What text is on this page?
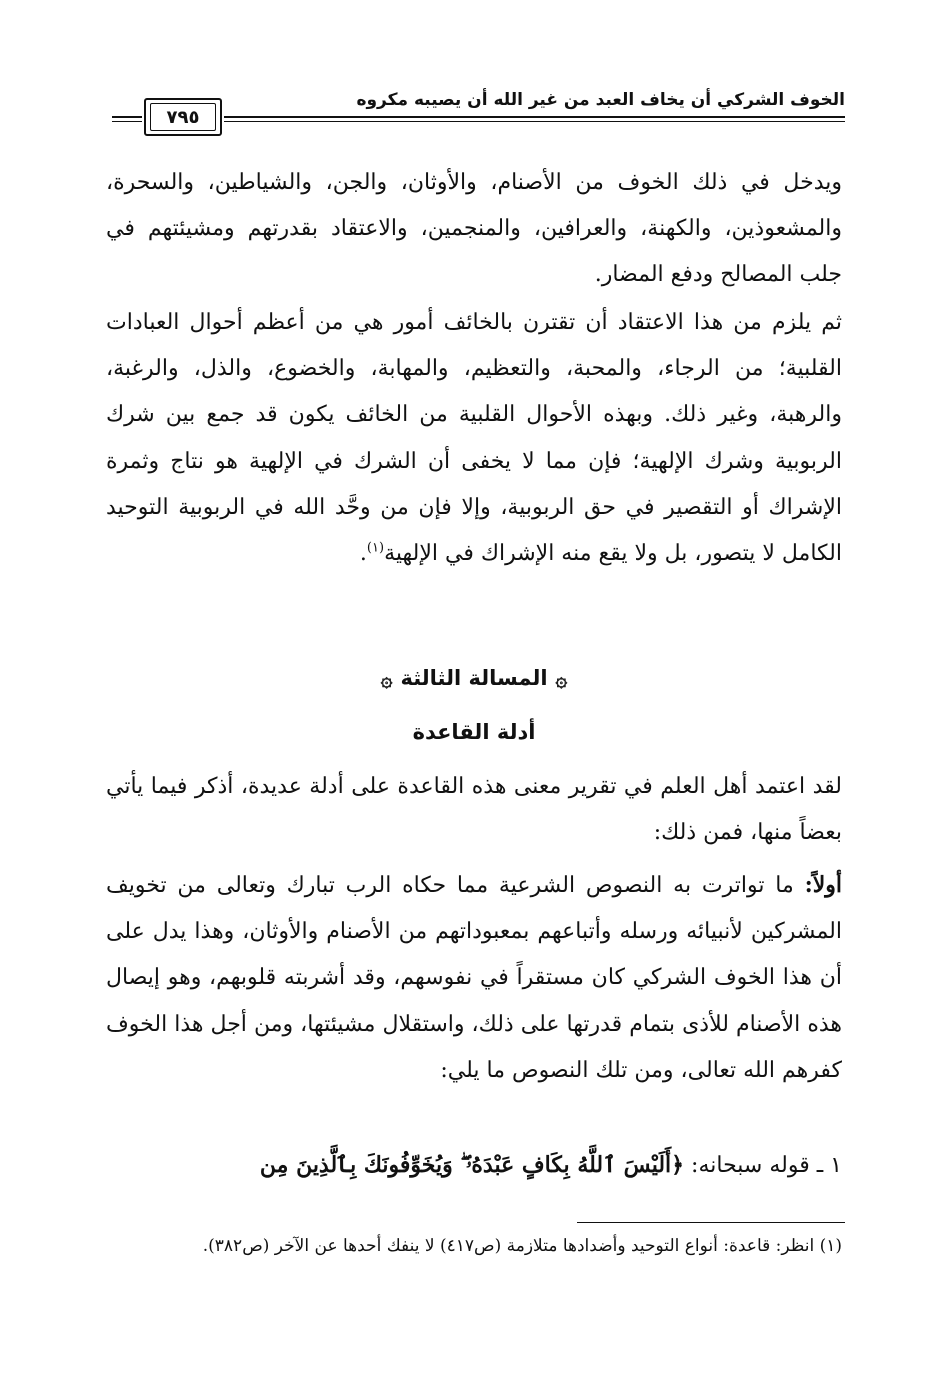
الخوف الشركي أن يخاف العبد من غير الله أن يصيبه مكروه
٧٩٥
ويدخل في ذلك الخوف من الأصنام، والأوثان، والجن، والشياطين، والسحرة، والمشعوذين، والكهنة، والعرافين، والمنجمين، والاعتقاد بقدرتهم ومشيئتهم في جلب المصالح ودفع المضار.
ثم يلزم من هذا الاعتقاد أن تقترن بالخائف أمور هي من أعظم أحوال العبادات القلبية؛ من الرجاء، والمحبة، والتعظيم، والمهابة، والخضوع، والذل، والرغبة، والرهبة، وغير ذلك. وبهذه الأحوال القلبية من الخائف يكون قد جمع بين شرك الربوبية وشرك الإلهية؛ فإن مما لا يخفى أن الشرك في الإلهية هو نتاج وثمرة الإشراك أو التقصير في حق الربوبية، وإلا فإن من وحَّد الله في الربوبية التوحيد الكامل لا يتصور، بل ولا يقع منه الإشراك في الإلهية$^{(١)}$.
۞المسالة الثالثة۞
أدلة القاعدة
لقد اعتمد أهل العلم في تقرير معنى هذه القاعدة على أدلة عديدة، أذكر فيما يأتي بعضاً منها، فمن ذلك:
أولاً: ما تواترت به النصوص الشرعية مما حكاه الرب تبارك وتعالى من تخويف المشركين لأنبيائه ورسله وأتباعهم بمعبوداتهم من الأصنام والأوثان، وهذا يدل على أن هذا الخوف الشركي كان مستقراً في نفوسهم، وقد أشربته قلوبهم، وهو إيصال هذه الأصنام للأذى بتمام قدرتها على ذلك، واستقلال مشيئتها، ومن أجل هذا الخوف كفرهم الله تعالى، ومن تلك النصوص ما يلي:
١ ـ قوله سبحانه: ﴿أَلَيْسَ ٱللَّهُ بِكَافٍ عَبْدَهُۥ ۖ وَيُخَوِّفُونَكَ بِٱلَّذِينَ مِن
(١) انظر: قاعدة: أنواع التوحيد وأضدادها متلازمة (ص٤١٧) لا ينفك أحدها عن الآخر (ص٣٨٢).
